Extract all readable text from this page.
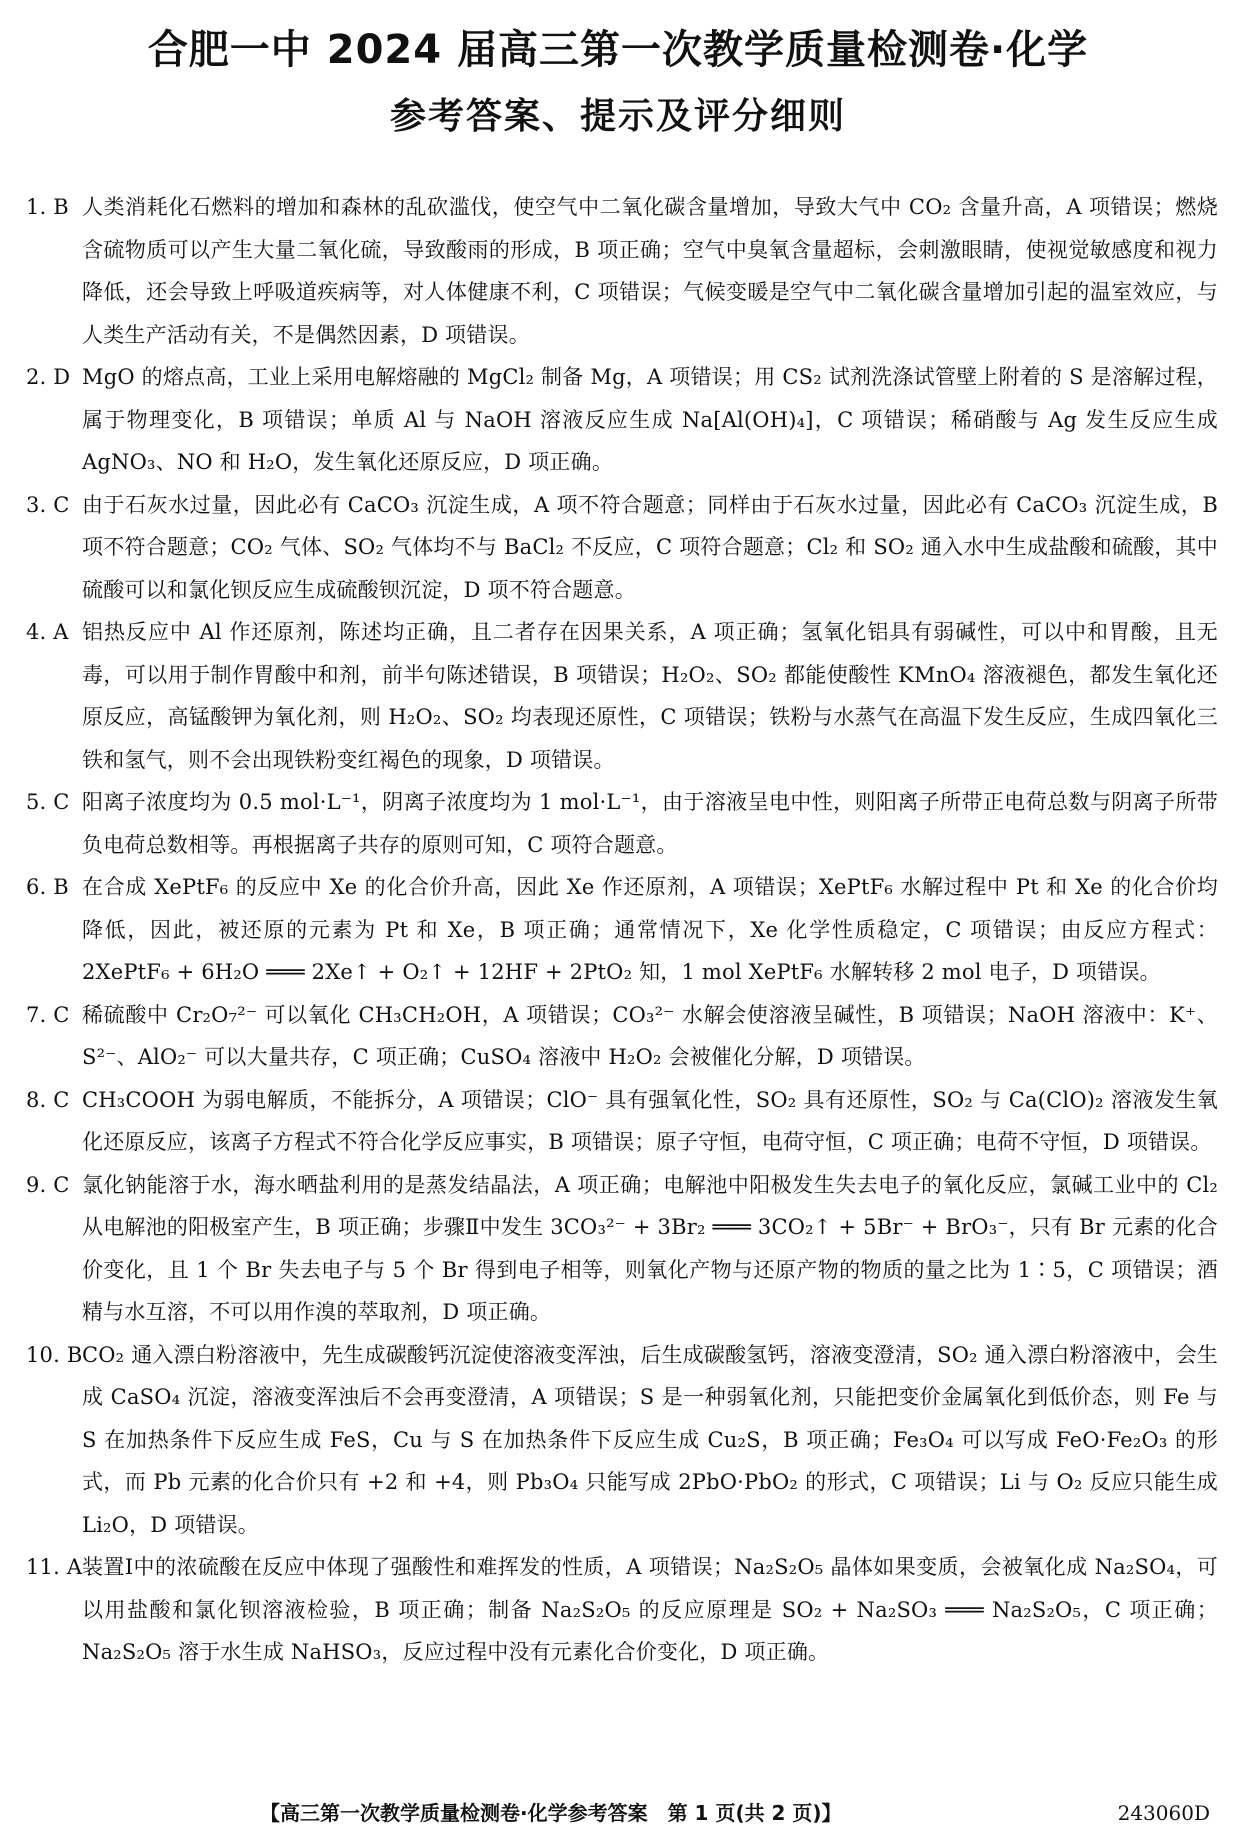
合肥一中 2024 届高三第一次教学质量检测卷·化学
参考答案、提示及评分细则
1. B 人类消耗化石燃料的增加和森林的乱砍滥伐，使空气中二氧化碳含量增加，导致大气中 CO₂ 含量升高，A 项错误；燃烧含硫物质可以产生大量二氧化硫，导致酸雨的形成，B 项正确；空气中臭氧含量超标，会刺激眼睛，使视觉敏感度和视力降低，还会导致上呼吸道疾病等，对人体健康不利，C 项错误；气候变暖是空气中二氧化碳含量增加引起的温室效应，与人类生产活动有关，不是偶然因素，D 项错误。
2. D MgO 的熔点高，工业上采用电解熔融的 MgCl₂ 制备 Mg，A 项错误；用 CS₂ 试剂洗涤试管壁上附着的 S 是溶解过程，属于物理变化，B 项错误；单质 Al 与 NaOH 溶液反应生成 Na[Al(OH)₄]，C 项错误；稀硝酸与 Ag 发生反应生成 AgNO₃、NO 和 H₂O，发生氧化还原反应，D 项正确。
3. C 由于石灰水过量，因此必有 CaCO₃ 沉淀生成，A 项不符合题意；同样由于石灰水过量，因此必有 CaCO₃ 沉淀生成，B 项不符合题意；CO₂ 气体、SO₂ 气体均不与 BaCl₂ 不反应，C 项符合题意；Cl₂ 和 SO₂ 通入水中生成盐酸和硫酸，其中硫酸可以和氯化钡反应生成硫酸钡沉淀，D 项不符合题意。
4. A 铝热反应中 Al 作还原剂，陈述均正确，且二者存在因果关系，A 项正确；氢氧化铝具有弱碱性，可以中和胃酸，且无毒，可以用于制作胃酸中和剂，前半句陈述错误，B 项错误；H₂O₂、SO₂ 都能使酸性 KMnO₄ 溶液褪色，都发生氧化还原反应，高锰酸钾为氧化剂，则 H₂O₂、SO₂ 均表现还原性，C 项错误；铁粉与水蒸气在高温下发生反应，生成四氧化三铁和氢气，则不会出现铁粉变红褐色的现象，D 项错误。
5. C 阳离子浓度均为 0.5 mol·L⁻¹，阴离子浓度均为 1 mol·L⁻¹，由于溶液呈电中性，则阳离子所带正电荷总数与阴离子所带负电荷总数相等。再根据离子共存的原则可知，C 项符合题意。
6. B 在合成 XePtF₆ 的反应中 Xe 的化合价升高，因此 Xe 作还原剂，A 项错误；XePtF₆ 水解过程中 Pt 和 Xe 的化合价均降低，因此，被还原的元素为 Pt 和 Xe，B 项正确；通常情况下，Xe 化学性质稳定，C 项错误；由反应方程式：2XePtF₆ + 6H₂O ═══ 2Xe↑ + O₂↑ + 12HF + 2PtO₂ 知，1 mol XePtF₆ 水解转移 2 mol 电子，D 项错误。
7. C 稀硫酸中 Cr₂O₇²⁻ 可以氧化 CH₃CH₂OH，A 项错误；CO₃²⁻ 水解会使溶液呈碱性，B 项错误；NaOH 溶液中：K⁺、S²⁻、AlO₂⁻ 可以大量共存，C 项正确；CuSO₄ 溶液中 H₂O₂ 会被催化分解，D 项错误。
8. C CH₃COOH 为弱电解质，不能拆分，A 项错误；ClO⁻ 具有强氧化性，SO₂ 具有还原性，SO₂ 与 Ca(ClO)₂ 溶液发生氧化还原反应，该离子方程式不符合化学反应事实，B 项错误；原子守恒，电荷守恒，C 项正确；电荷不守恒，D 项错误。
9. C 氯化钠能溶于水，海水晒盐利用的是蒸发结晶法，A 项正确；电解池中阳极发生失去电子的氧化反应，氯碱工业中的 Cl₂ 从电解池的阳极室产生，B 项正确；步骤Ⅱ中发生 3CO₃²⁻ + 3Br₂ ═══ 3CO₂↑ + 5Br⁻ + BrO₃⁻，只有 Br 元素的化合价变化，且 1 个 Br 失去电子与 5 个 Br 得到电子相等，则氧化产物与还原产物的物质的量之比为 1∶5，C 项错误；酒精与水互溶，不可以用作溴的萃取剂，D 项正确。
10. B CO₂ 通入漂白粉溶液中，先生成碳酸钙沉淀使溶液变浑浊，后生成碳酸氢钙，溶液变澄清，SO₂ 通入漂白粉溶液中，会生成 CaSO₄ 沉淀，溶液变浑浊后不会再变澄清，A 项错误；S 是一种弱氧化剂，只能把变价金属氧化到低价态，则 Fe 与 S 在加热条件下反应生成 FeS，Cu 与 S 在加热条件下反应生成 Cu₂S，B 项正确；Fe₃O₄ 可以写成 FeO·Fe₂O₃ 的形式，而 Pb 元素的化合价只有 +2 和 +4，则 Pb₃O₄ 只能写成 2PbO·PbO₂ 的形式，C 项错误；Li 与 O₂ 反应只能生成 Li₂O，D 项错误。
11. A 装置Ⅰ中的浓硫酸在反应中体现了强酸性和难挥发的性质，A 项错误；Na₂S₂O₅ 晶体如果变质，会被氧化成 Na₂SO₄，可以用盐酸和氯化钡溶液检验，B 项正确；制备 Na₂S₂O₅ 的反应原理是 SO₂ + Na₂SO₃ ═══ Na₂S₂O₅，C 项正确；Na₂S₂O₅ 溶于水生成 NaHSO₃，反应过程中没有元素化合价变化，D 项正确。
【高三第一次教学质量检测卷·化学参考答案　第 1 页(共 2 页)】	243060D
